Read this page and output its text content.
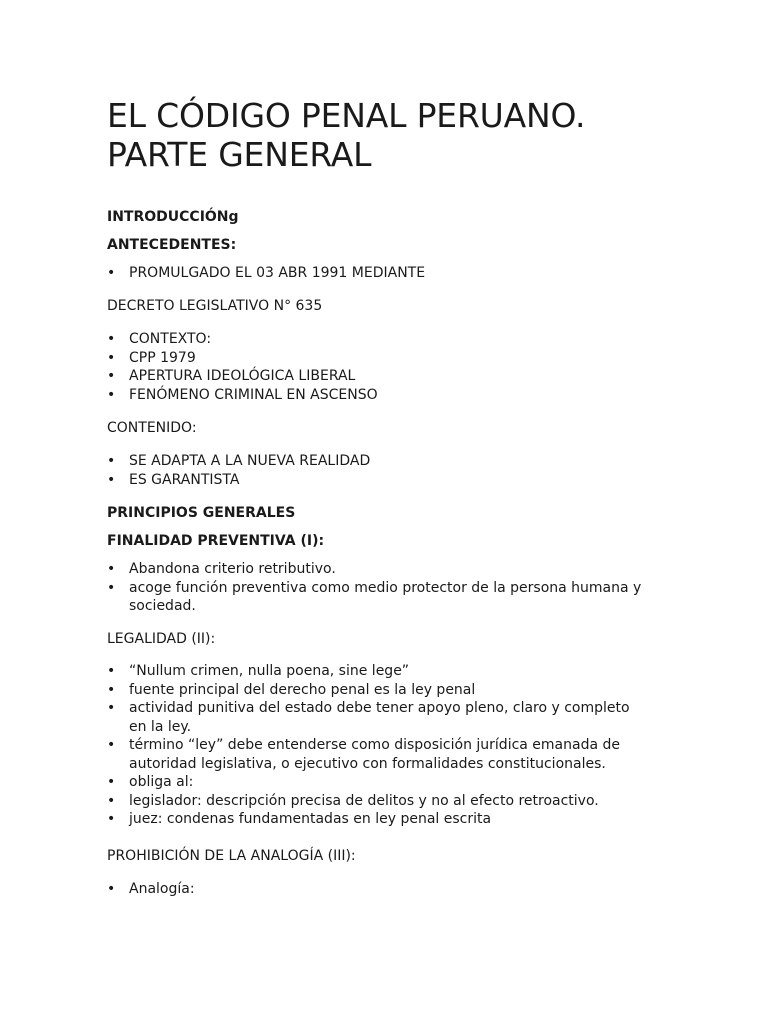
EL CÓDIGO PENAL PERUANO.
PARTE GENERAL

INTRODUCCIÓNg

ANTECEDENTES:

• PROMULGADO EL 03 ABR 1991 MEDIANTE

DECRETO LEGISLATIVO N° 635

• CONTEXTO:
• CPP 1979
• APERTURA IDEOLÓGICA LIBERAL
• FENÓMENO CRIMINAL EN ASCENSO

CONTENIDO:

• SE ADAPTA A LA NUEVA REALIDAD
• ES GARANTISTA

PRINCIPIOS GENERALES

FINALIDAD PREVENTIVA (I):

• Abandona criterio retributivo.
• acoge función preventiva como medio protector de la persona humana y sociedad.

LEGALIDAD (II):

• “Nullum crimen, nulla poena, sine lege”
• fuente principal del derecho penal es la ley penal
• actividad punitiva del estado debe tener apoyo pleno, claro y completo en la ley.
• término “ley” debe entenderse como disposición jurídica emanada de autoridad legislativa, o ejecutivo con formalidades constitucionales.
• obliga al:
• legislador: descripción precisa de delitos y no al efecto retroactivo.
• juez: condenas fundamentadas en ley penal escrita

PROHIBICIÓN DE LA ANALOGÍA (III):

• Analogía:
